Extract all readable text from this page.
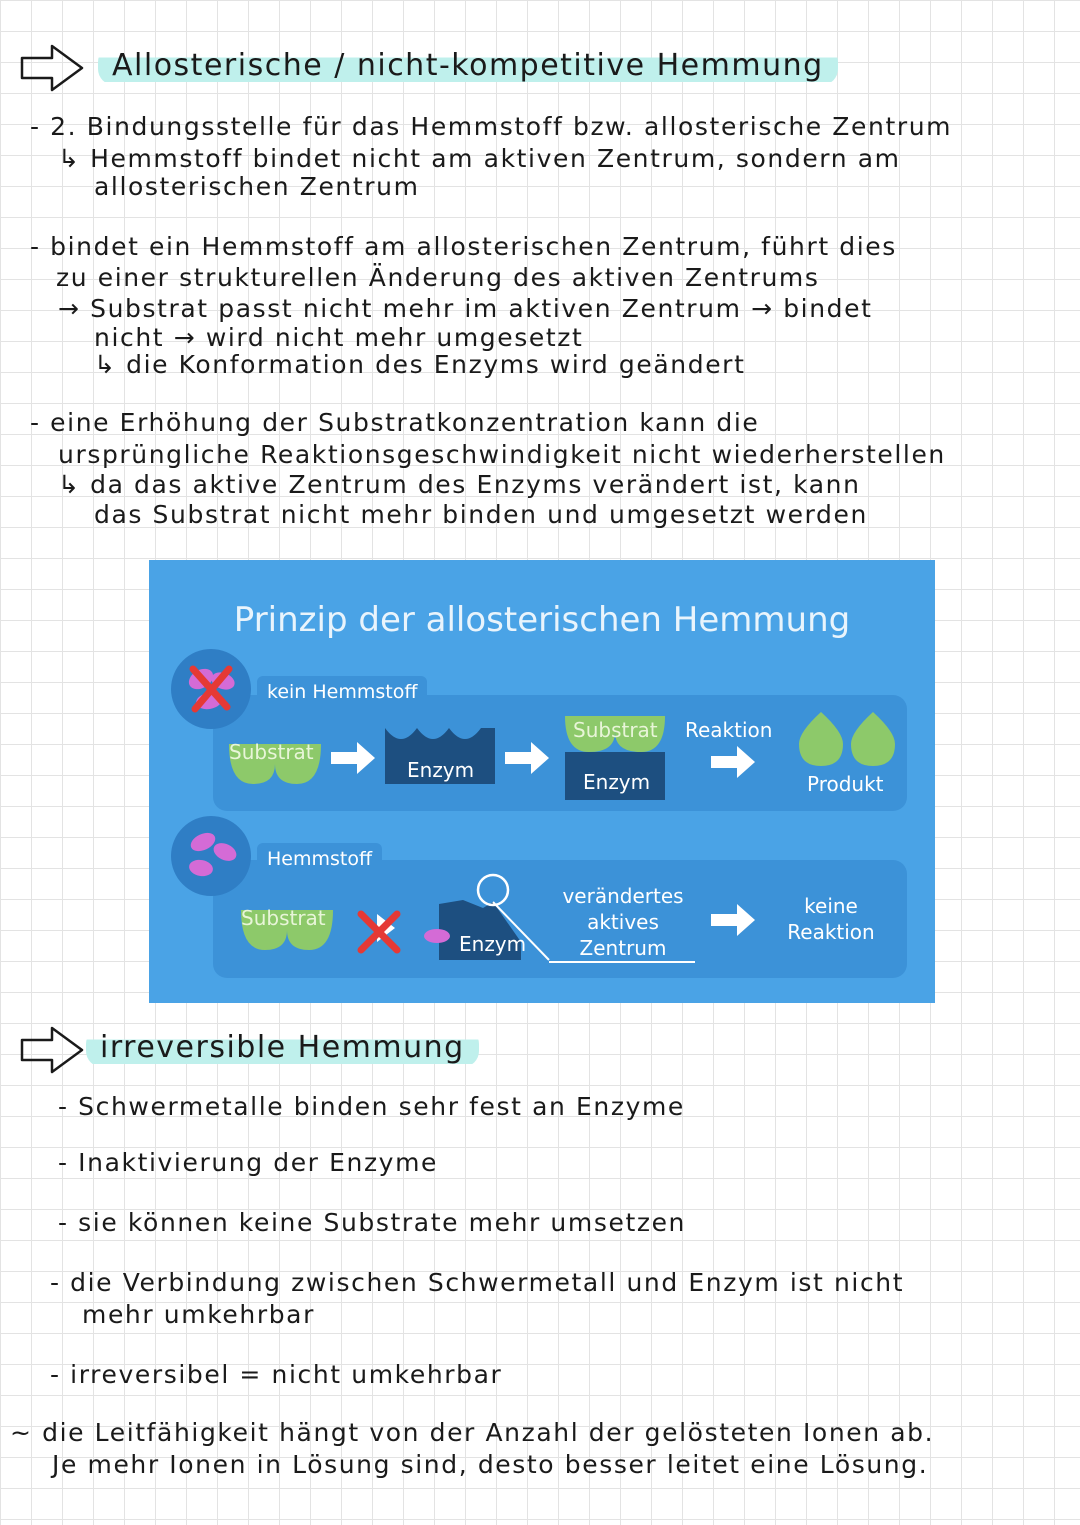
Allosterische / nicht-kompetitive Hemmung
- 2. Bindungsstelle für das Hemmstoff bzw. allosterische Zentrum
↳ Hemmstoff bindet nicht am aktiven Zentrum, sondern am
allosterischen Zentrum
- bindet ein Hemmstoff am allosterischen Zentrum, führt dies
zu einer strukturellen Änderung des aktiven Zentrums
→ Substrat passt nicht mehr im aktiven Zentrum → bindet
nicht → wird nicht mehr umgesetzt
↳ die Konformation des Enzyms wird geändert
- eine Erhöhung der Substratkonzentration kann die
ursprüngliche Reaktionsgeschwindigkeit nicht wiederherstellen
↳ da das aktive Zentrum des Enzyms verändert ist, kann
das Substrat nicht mehr binden und umgesetzt werden
Prinzip der allosterischen Hemmung
kein Hemmstoff
Substrat
Enzym
Substrat
Enzym
Reaktion
Produkt
Hemmstoff
Substrat
Enzym
verändertes
aktives
Zentrum
keine
Reaktion
irreversible Hemmung
- Schwermetalle binden sehr fest an Enzyme
- Inaktivierung der Enzyme
- sie können keine Substrate mehr umsetzen
- die Verbindung zwischen Schwermetall und Enzym ist nicht
mehr umkehrbar
- irreversibel = nicht umkehrbar
~ die Leitfähigkeit hängt von der Anzahl der gelösteten Ionen ab.
Je mehr Ionen in Lösung sind, desto besser leitet eine Lösung.
